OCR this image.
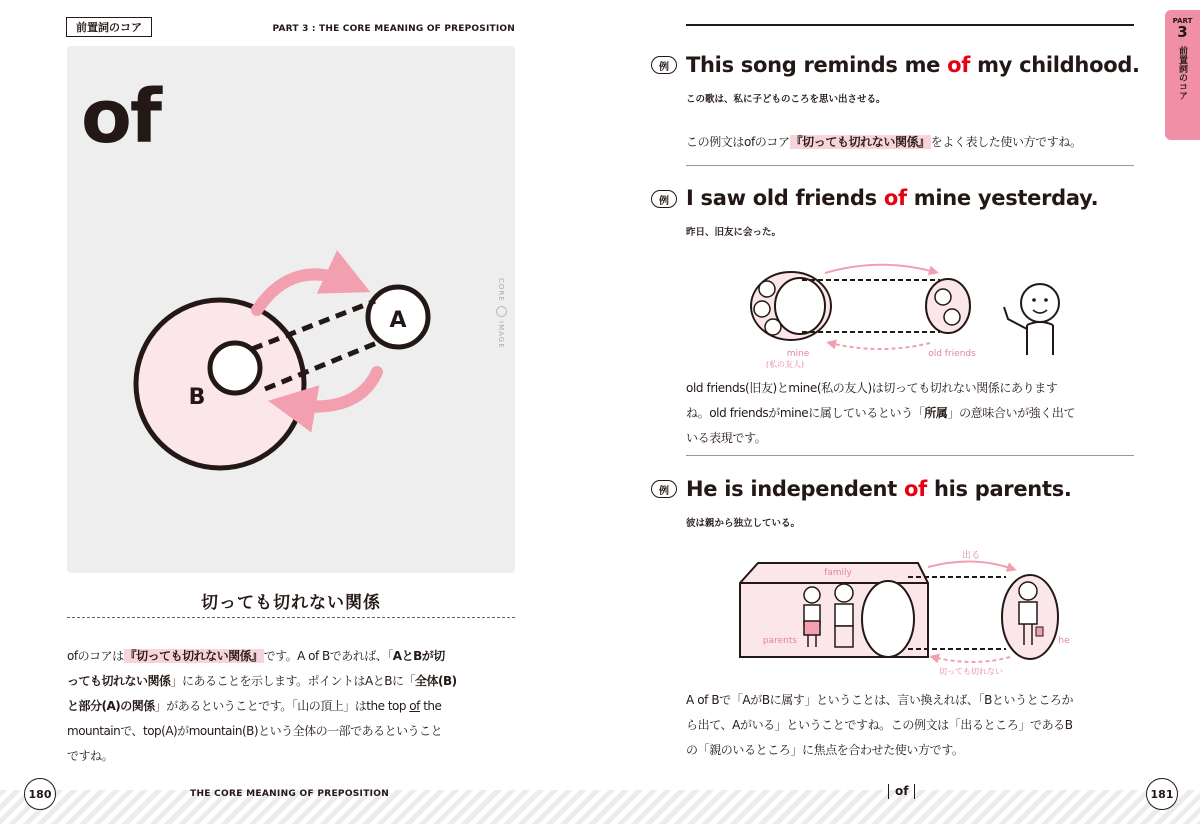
前置詞のコア	PART 3 : THE CORE MEANING OF PREPOSITION
of
CORE
IMAGE
A
B
切っても切れない関係
ofのコアは『切っても切れない関係』です。A of Bであれば、「AとBが切
っても切れない関係」にあることを示します。ポイントはAとBに「全体(B)
と部分(A)の関係」があるということです。「山の頂上」はthe top of the
mountainで、top(A)がmountain(B)という全体の一部であるということ
ですね。
PART
3
前置詞のコア
例 This song reminds me of my childhood.
この歌は、私に子どものころを思い出させる。
この例文はofのコア『切っても切れない関係』をよく表した使い方ですね。
例 I saw old friends of mine yesterday.
昨日、旧友に会った。
mine
(私の友人)
old friends
old friends(旧友)とmine(私の友人)は切っても切れない関係にあります
ね。old friendsがmineに属しているという「所属」の意味合いが強く出て
いる表現です。
例 He is independent of his parents.
彼は親から独立している。
family
parents	he
出る
切っても切れない
A of Bで「AがBに属す」ということは、言い換えれば、「Bというところか
ら出て、Aがいる」ということですね。この例文は「出るところ」であるB
の「親のいるところ」に焦点を合わせた使い方です。
180	THE CORE MEANING OF PREPOSITION	of	181
